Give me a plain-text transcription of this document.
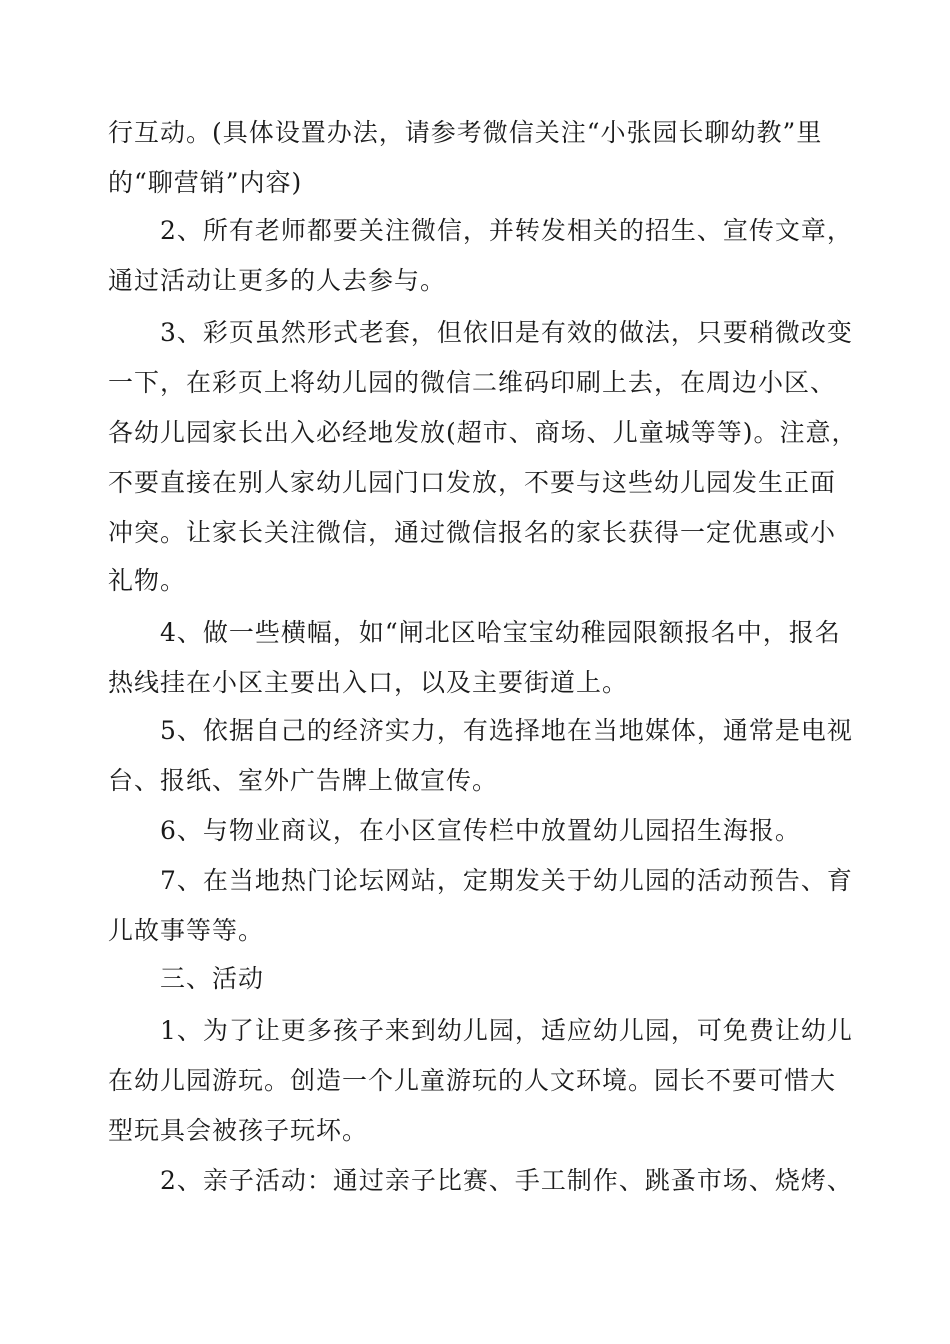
行互动。(具体设置办法，请参考微信关注“小张园长聊幼教”里
的“聊营销”内容)
2、所有老师都要关注微信，并转发相关的招生、宣传文章，
通过活动让更多的人去参与。
3、彩页虽然形式老套，但依旧是有效的做法，只要稍微改变
一下，在彩页上将幼儿园的微信二维码印刷上去，在周边小区、
各幼儿园家长出入必经地发放(超市、商场、儿童城等等)。注意，
不要直接在别人家幼儿园门口发放，不要与这些幼儿园发生正面
冲突。让家长关注微信，通过微信报名的家长获得一定优惠或小
礼物。
4、做一些横幅，如“闸北区哈宝宝幼稚园限额报名中，报名
热线挂在小区主要出入口，以及主要街道上。
5、依据自己的经济实力，有选择地在当地媒体，通常是电视
台、报纸、室外广告牌上做宣传。
6、与物业商议，在小区宣传栏中放置幼儿园招生海报。
7、在当地热门论坛网站，定期发关于幼儿园的活动预告、育
儿故事等等。
三、活动
1、为了让更多孩子来到幼儿园，适应幼儿园，可免费让幼儿
在幼儿园游玩。创造一个儿童游玩的人文环境。园长不要可惜大
型玩具会被孩子玩坏。
2、亲子活动：通过亲子比赛、手工制作、跳蚤市场、烧烤、
